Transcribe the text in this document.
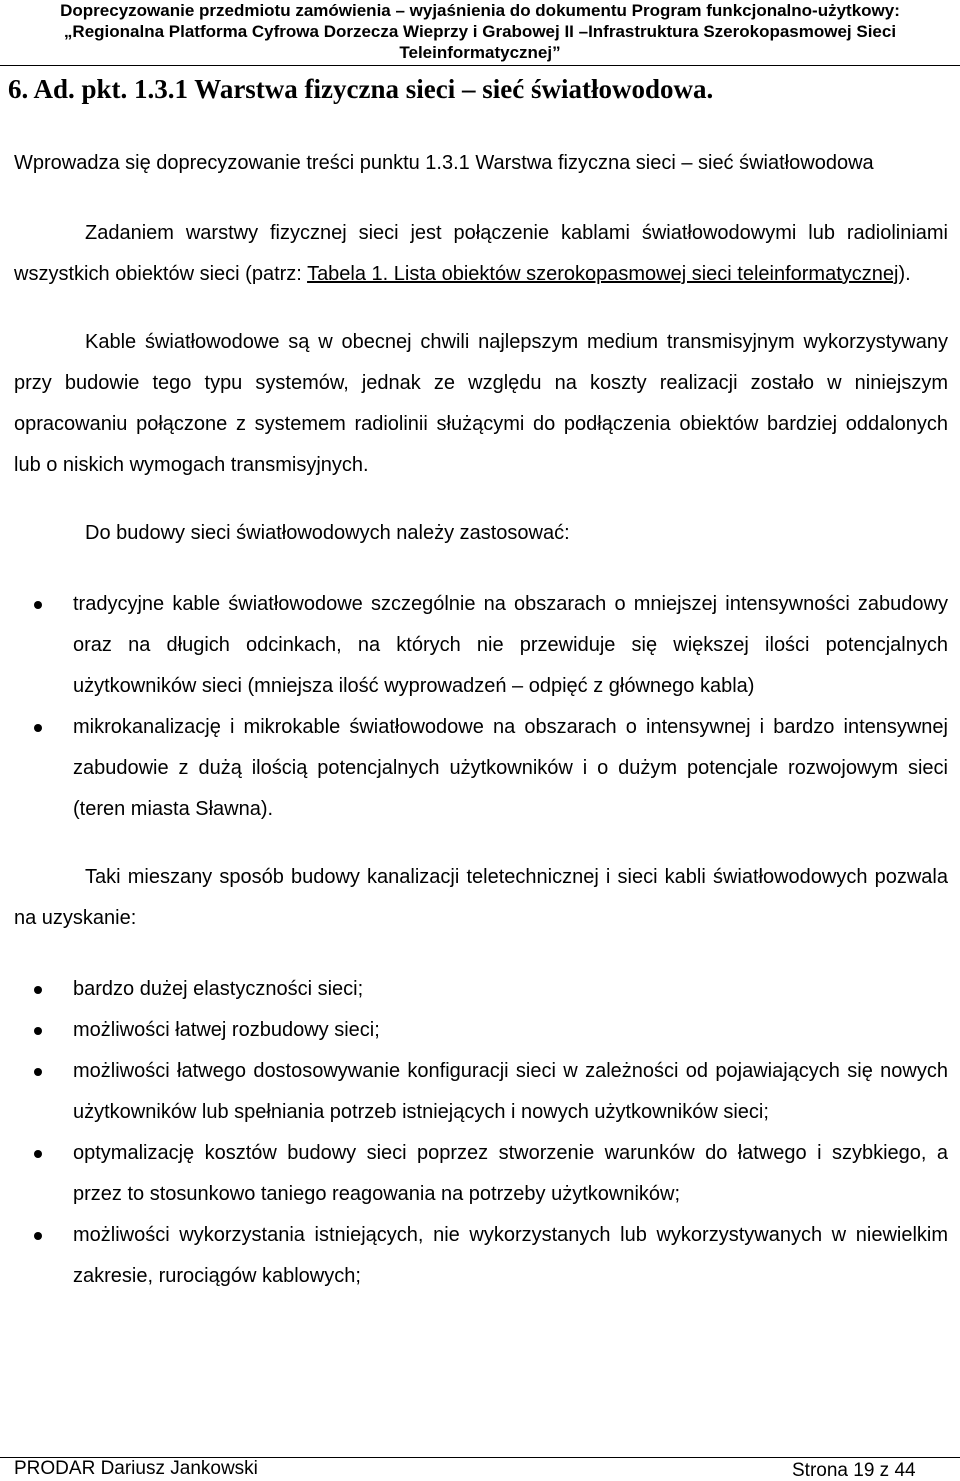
Doprecyzowanie przedmiotu zamówienia – wyjaśnienia do dokumentu Program funkcjonalno-użytkowy:
„Regionalna Platforma Cyfrowa Dorzecza Wieprzy i Grabowej II –Infrastruktura Szerokopasmowej Sieci
Teleinformatycznej”
6. Ad. pkt. 1.3.1 Warstwa fizyczna sieci – sieć światłowodowa.

Wprowadza się doprecyzowanie treści punktu 1.3.1 Warstwa fizyczna sieci – sieć światłowodowa

Zadaniem warstwy fizycznej sieci jest połączenie kablami światłowodowymi lub radioliniami wszystkich obiektów sieci (patrz: Tabela 1. Lista obiektów szerokopasmowej sieci teleinformatycznej).

Kable światłowodowe są w obecnej chwili najlepszym medium transmisyjnym wykorzystywany przy budowie tego typu systemów, jednak ze względu na koszty realizacji zostało w niniejszym opracowaniu połączone z systemem radiolinii służącymi do podłączenia obiektów bardziej oddalonych lub o niskich wymogach transmisyjnych.

Do budowy sieci światłowodowych należy zastosować:

tradycyjne kable światłowodowe szczególnie na obszarach o mniejszej intensywności zabudowy oraz na długich odcinkach, na których nie przewiduje się większej ilości potencjalnych użytkowników sieci (mniejsza ilość wyprowadzeń – odpięć z głównego kabla)
mikrokanalizację i mikrokable światłowodowe na obszarach o intensywnej i bardzo intensywnej zabudowie z dużą ilością potencjalnych użytkowników i o dużym potencjale rozwojowym sieci (teren miasta Sławna).

Taki mieszany sposób budowy kanalizacji teletechnicznej i sieci kabli światłowodowych pozwala na uzyskanie:

bardzo dużej elastyczności sieci;
możliwości łatwej rozbudowy sieci;
możliwości łatwego dostosowywanie konfiguracji sieci w zależności od pojawiających się nowych użytkowników lub spełniania potrzeb istniejących i nowych użytkowników sieci;
optymalizację kosztów budowy sieci poprzez stworzenie warunków do łatwego i szybkiego, a przez to stosunkowo taniego reagowania na potrzeby użytkowników;
możliwości wykorzystania istniejących, nie wykorzystanych lub wykorzystywanych w niewielkim zakresie, rurociągów kablowych;
PRODAR Dariusz Jankowski	Strona 19 z 44
